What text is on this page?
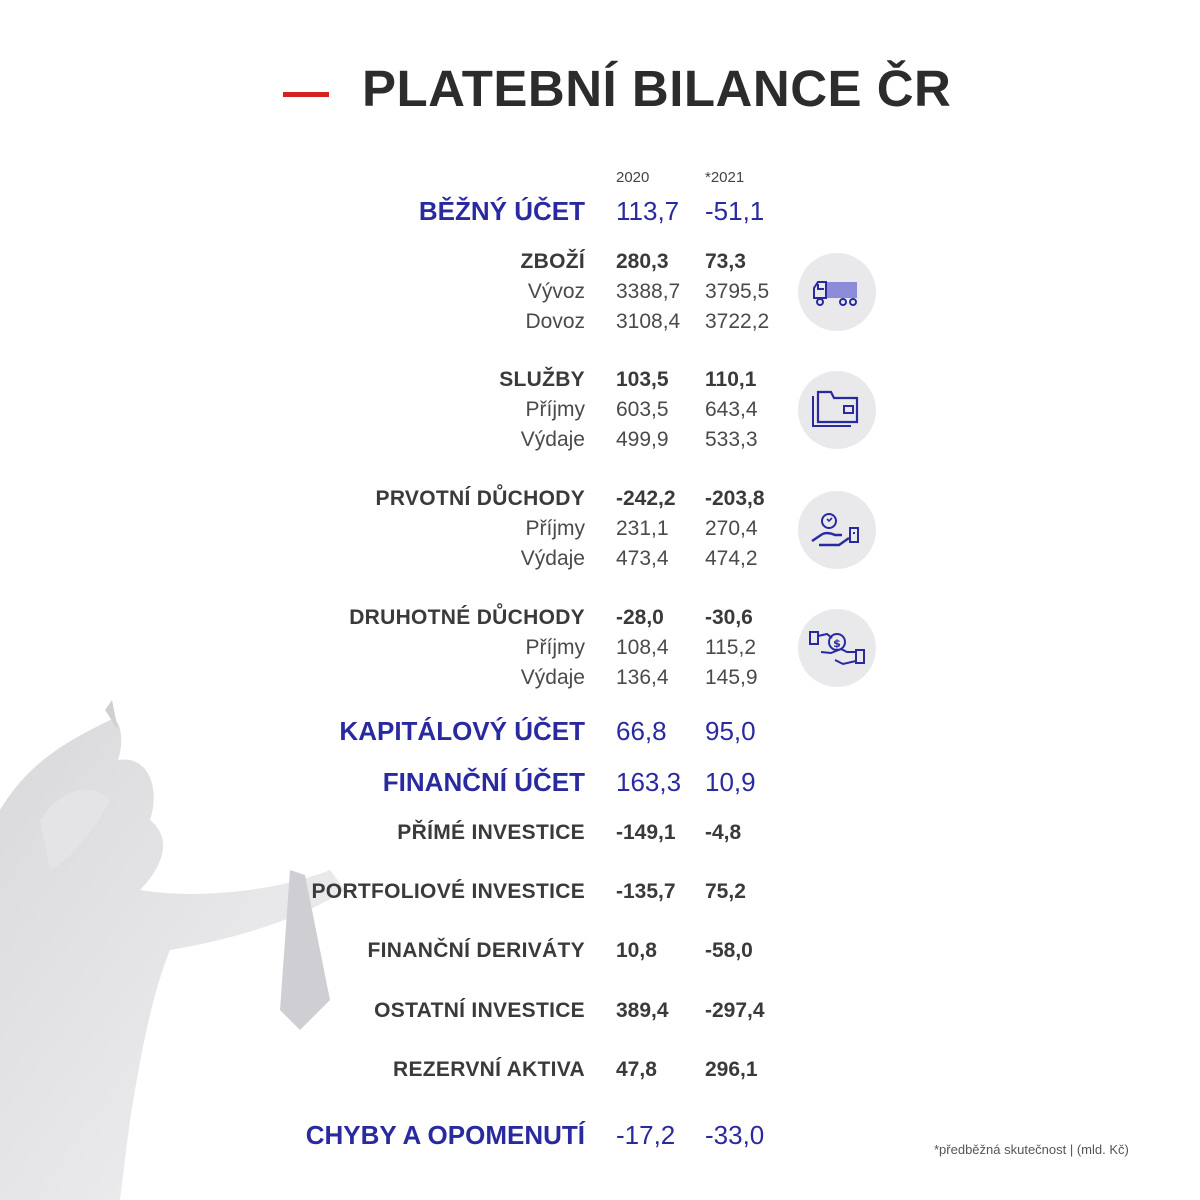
PLATEBNÍ BILANCE ČR
2020	*2021
BĚŽNÝ ÚČET 113,7 -51,1
ZBOŽÍ 280,3 73,3
Vývoz 3388,7 3795,5
Dovoz 3108,4 3722,2
SLUŽBY 103,5 110,1
Příjmy 603,5 643,4
Výdaje 499,9 533,3
PRVOTNÍ DŮCHODY -242,2 -203,8
Příjmy 231,1 270,4
Výdaje 473,4 474,2
DRUHOTNÉ DŮCHODY -28,0 -30,6
Příjmy 108,4 115,2
Výdaje 136,4 145,9
KAPITÁLOVÝ ÚČET 66,8 95,0
FINANČNÍ ÚČET 163,3 10,9
PŘÍMÉ INVESTICE -149,1 -4,8
PORTFOLIOVÉ INVESTICE -135,7 75,2
FINANČNÍ DERIVÁTY 10,8 -58,0
OSTATNÍ INVESTICE 389,4 -297,4
REZERVNÍ AKTIVA 47,8 296,1
CHYBY A OPOMENUTÍ -17,2 -33,0
$
*předběžná skutečnost | (mld. Kč)
